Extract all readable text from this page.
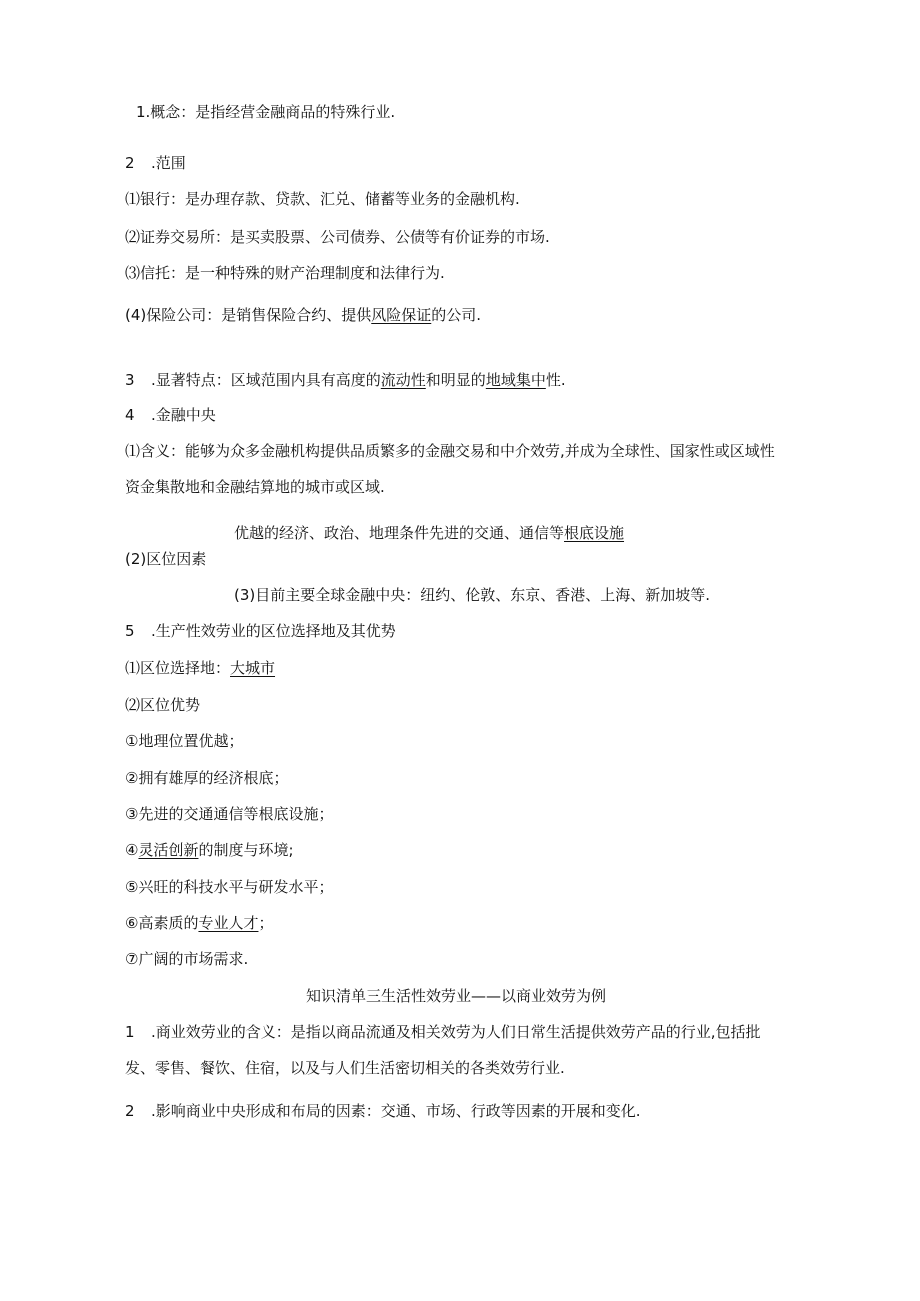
1.概念：是指经营金融商品的特殊行业.
2 .范围
⑴银行：是办理存款、贷款、汇兑、储蓄等业务的金融机构.
⑵证券交易所：是买卖股票、公司债券、公债等有价证券的市场.
⑶信托：是一种特殊的财产治理制度和法律行为.
(4)保险公司：是销售保险合约、提供风险保证的公司.
3 .显著特点：区域范围内具有高度的流动性和明显的地域集中性.
4 .金融中央
⑴含义：能够为众多金融机构提供品质繁多的金融交易和中介效劳,并成为全球性、国家性或区域性
资金集散地和金融结算地的城市或区域.
优越的经济、政治、地理条件先进的交通、通信等根底设施
(2)区位因素
(3)目前主要全球金融中央：纽约、伦敦、东京、香港、上海、新加坡等.
5 .生产性效劳业的区位选择地及其优势
⑴区位选择地：大城市
⑵区位优势
①地理位置优越；
②拥有雄厚的经济根底；
③先进的交通通信等根底设施；
④灵活创新的制度与环境;
⑤兴旺的科技水平与研发水平；
⑥高素质的专业人才；
⑦广阔的市场需求.
知识清单三生活性效劳业——以商业效劳为例
1 .商业效劳业的含义：是指以商品流通及相关效劳为人们日常生活提供效劳产品的行业,包括批
发、零售、餐饮、住宿，以及与人们生活密切相关的各类效劳行业.
2 .影响商业中央形成和布局的因素：交通、市场、行政等因素的开展和变化.
